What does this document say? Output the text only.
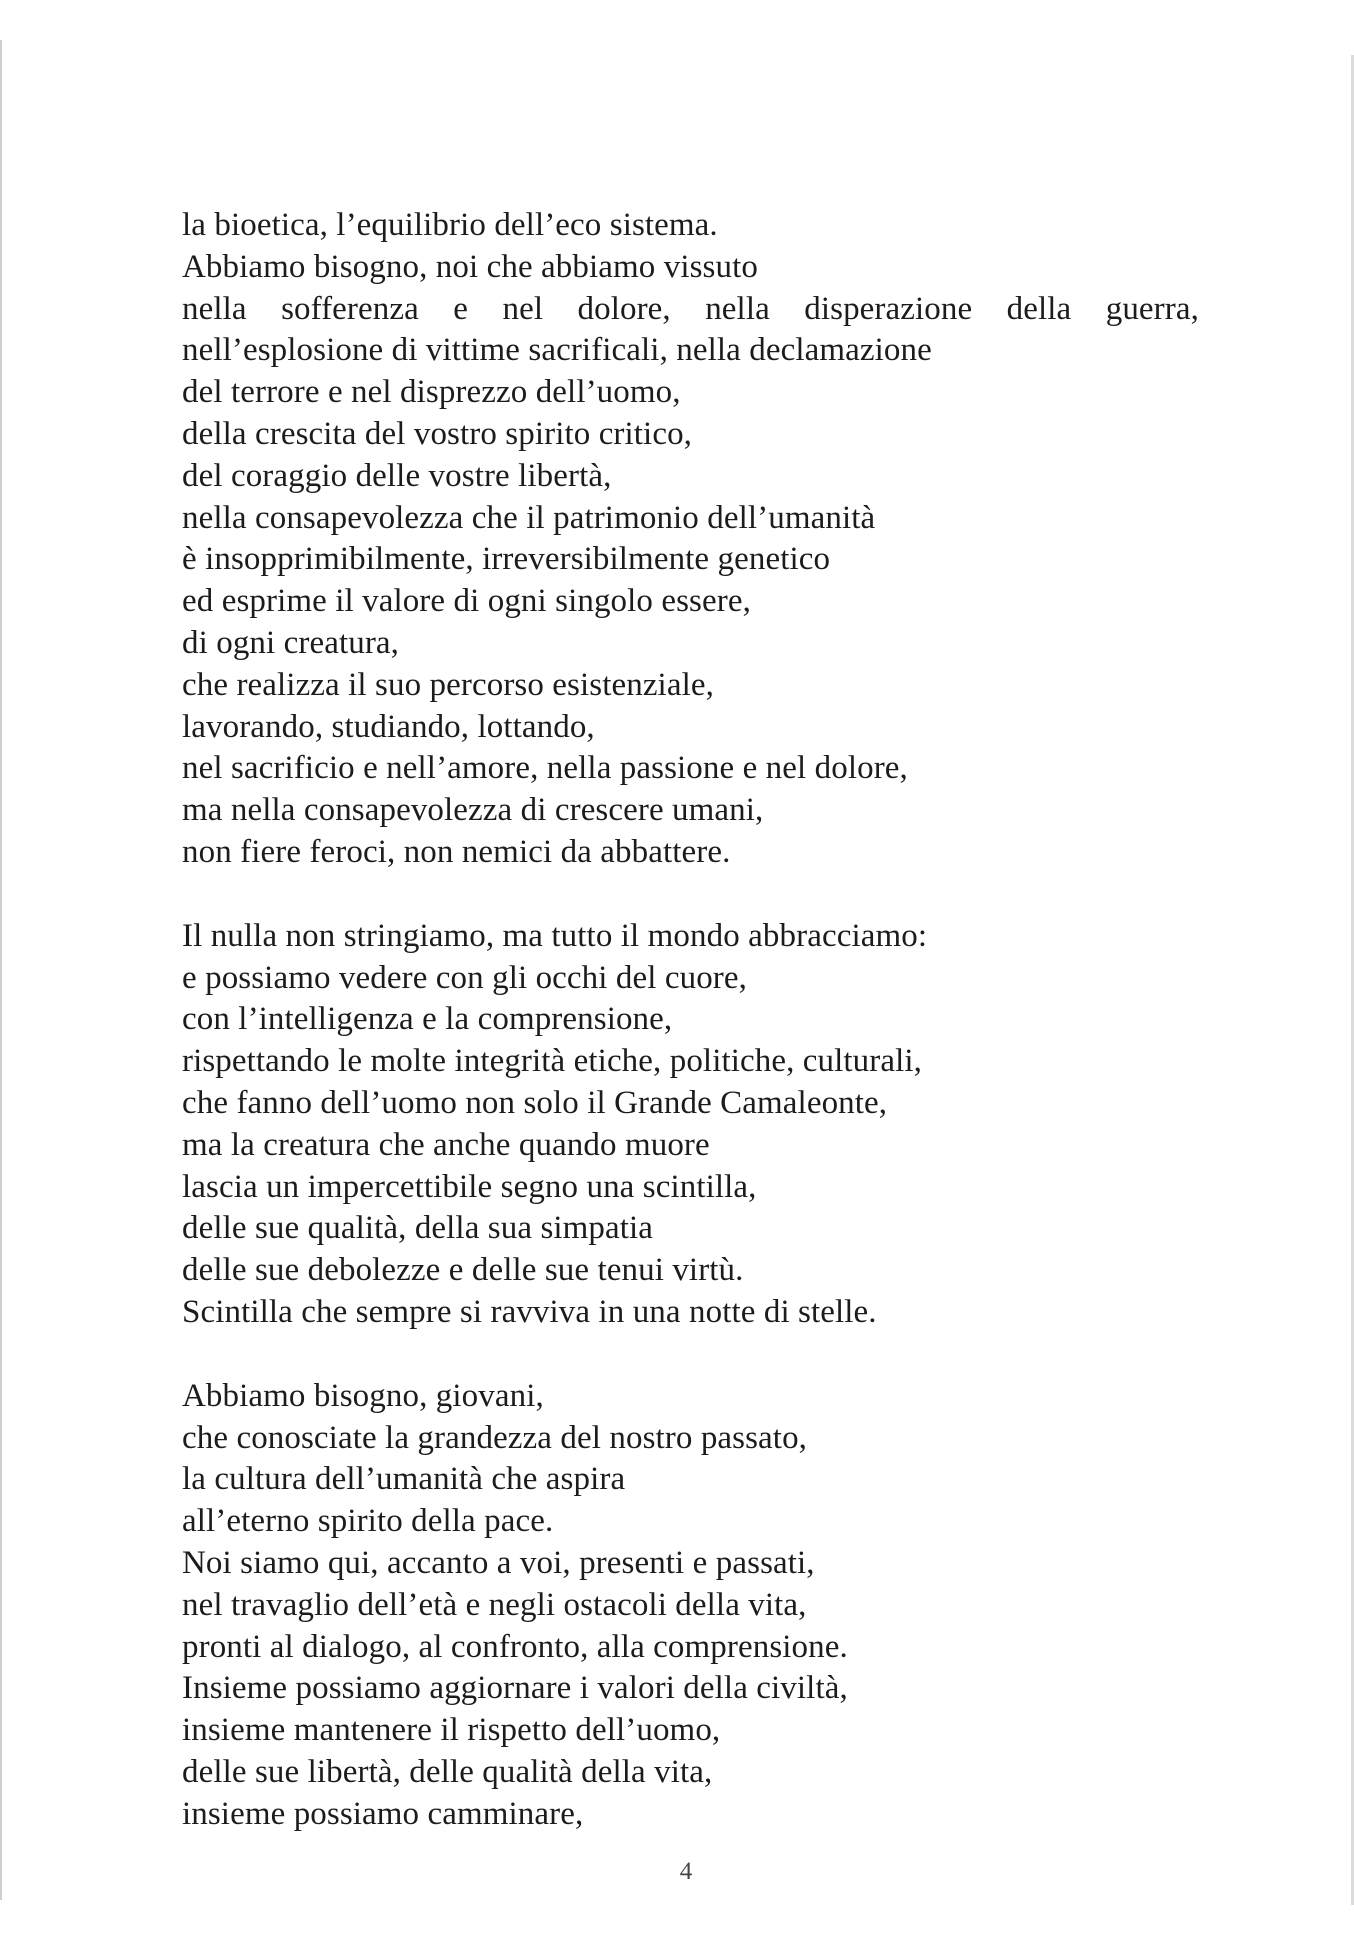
la bioetica, l’equilibrio dell’eco sistema.
Abbiamo bisogno, noi che abbiamo vissuto
nella sofferenza e nel dolore, nella disperazione della guerra,
nell’esplosione di vittime sacrificali, nella declamazione
del terrore e nel disprezzo dell’uomo,
della crescita del vostro spirito critico,
del coraggio delle vostre libertà,
nella consapevolezza che il patrimonio dell’umanità
è insopprimibilmente, irreversibilmente genetico
ed esprime il valore di ogni singolo essere,
di ogni creatura,
che realizza il suo percorso esistenziale,
lavorando, studiando, lottando,
nel sacrificio e nell’amore, nella passione e nel dolore,
ma nella consapevolezza di crescere umani,
non fiere feroci, non nemici da abbattere.
Il nulla non stringiamo, ma tutto il mondo abbracciamo:
e possiamo vedere con gli occhi del cuore,
con l’intelligenza e la comprensione,
rispettando le molte integrità etiche, politiche, culturali,
che fanno dell’uomo non solo il Grande Camaleonte,
ma la creatura che anche quando muore
lascia un impercettibile segno una scintilla,
delle sue qualità, della sua simpatia
delle sue debolezze e delle sue tenui virtù.
Scintilla che sempre si ravviva in una notte di stelle.
Abbiamo bisogno, giovani,
che conosciate la grandezza del nostro passato,
la cultura dell’umanità che aspira
all’eterno spirito della pace.
Noi siamo qui, accanto a voi, presenti e passati,
nel travaglio dell’età e negli ostacoli della vita,
pronti al dialogo, al confronto, alla comprensione.
Insieme possiamo aggiornare i valori della civiltà,
insieme mantenere il rispetto dell’uomo,
delle sue libertà, delle qualità della vita,
insieme possiamo camminare,
4
